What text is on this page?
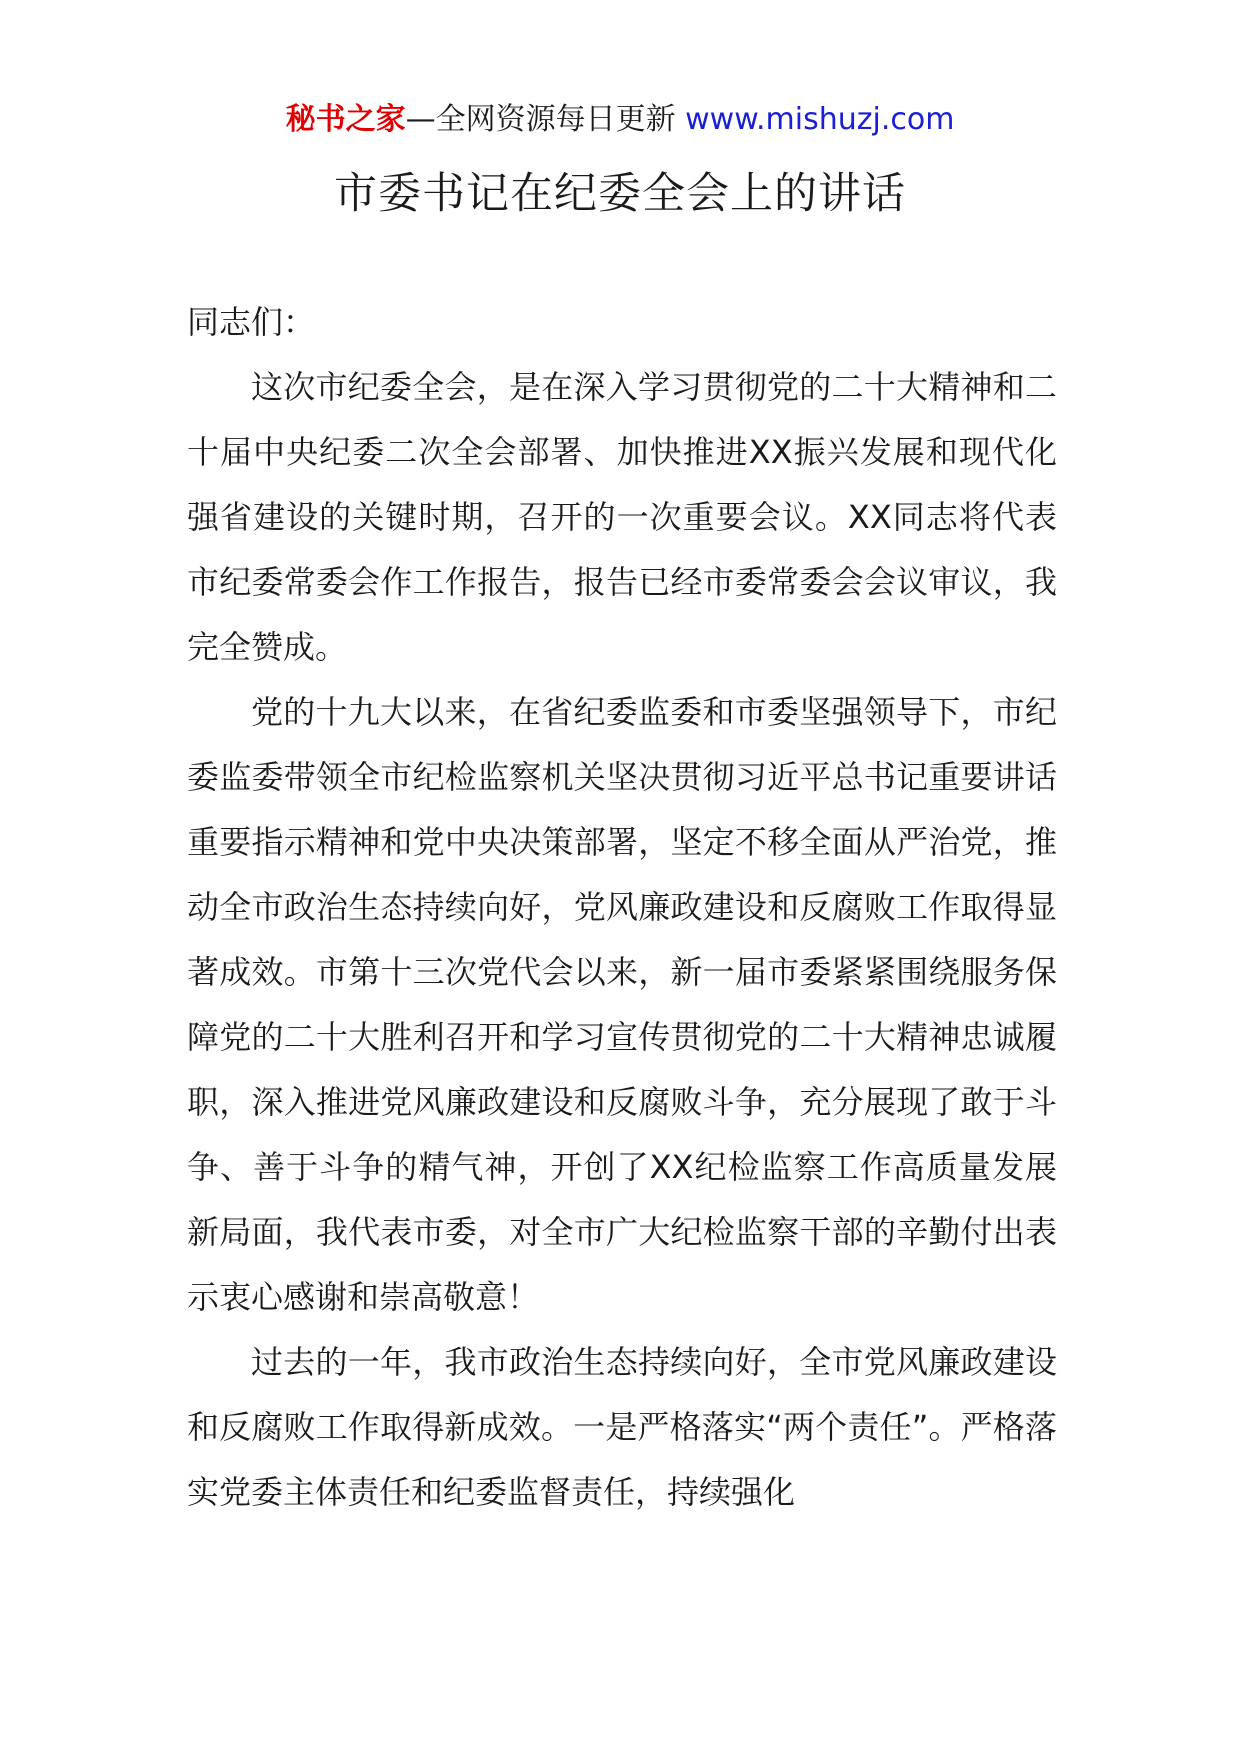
秘书之家—全网资源每日更新 www.mishuzj.com
市委书记在纪委全会上的讲话

同志们：

这次市纪委全会，是在深入学习贯彻党的二十大精神和二十届中央纪委二次全会部署、加快推进XX振兴发展和现代化强省建设的关键时期，召开的一次重要会议。XX同志将代表市纪委常委会作工作报告，报告已经市委常委会会议审议，我完全赞成。

党的十九大以来，在省纪委监委和市委坚强领导下，市纪委监委带领全市纪检监察机关坚决贯彻习近平总书记重要讲话重要指示精神和党中央决策部署，坚定不移全面从严治党，推动全市政治生态持续向好，党风廉政建设和反腐败工作取得显著成效。市第十三次党代会以来，新一届市委紧紧围绕服务保障党的二十大胜利召开和学习宣传贯彻党的二十大精神忠诚履职，深入推进党风廉政建设和反腐败斗争，充分展现了敢于斗争、善于斗争的精气神，开创了XX纪检监察工作高质量发展新局面，我代表市委，对全市广大纪检监察干部的辛勤付出表示衷心感谢和崇高敬意！

过去的一年，我市政治生态持续向好，全市党风廉政建设和反腐败工作取得新成效。一是严格落实“两个责任”。严格落实党委主体责任和纪委监督责任，持续强化
